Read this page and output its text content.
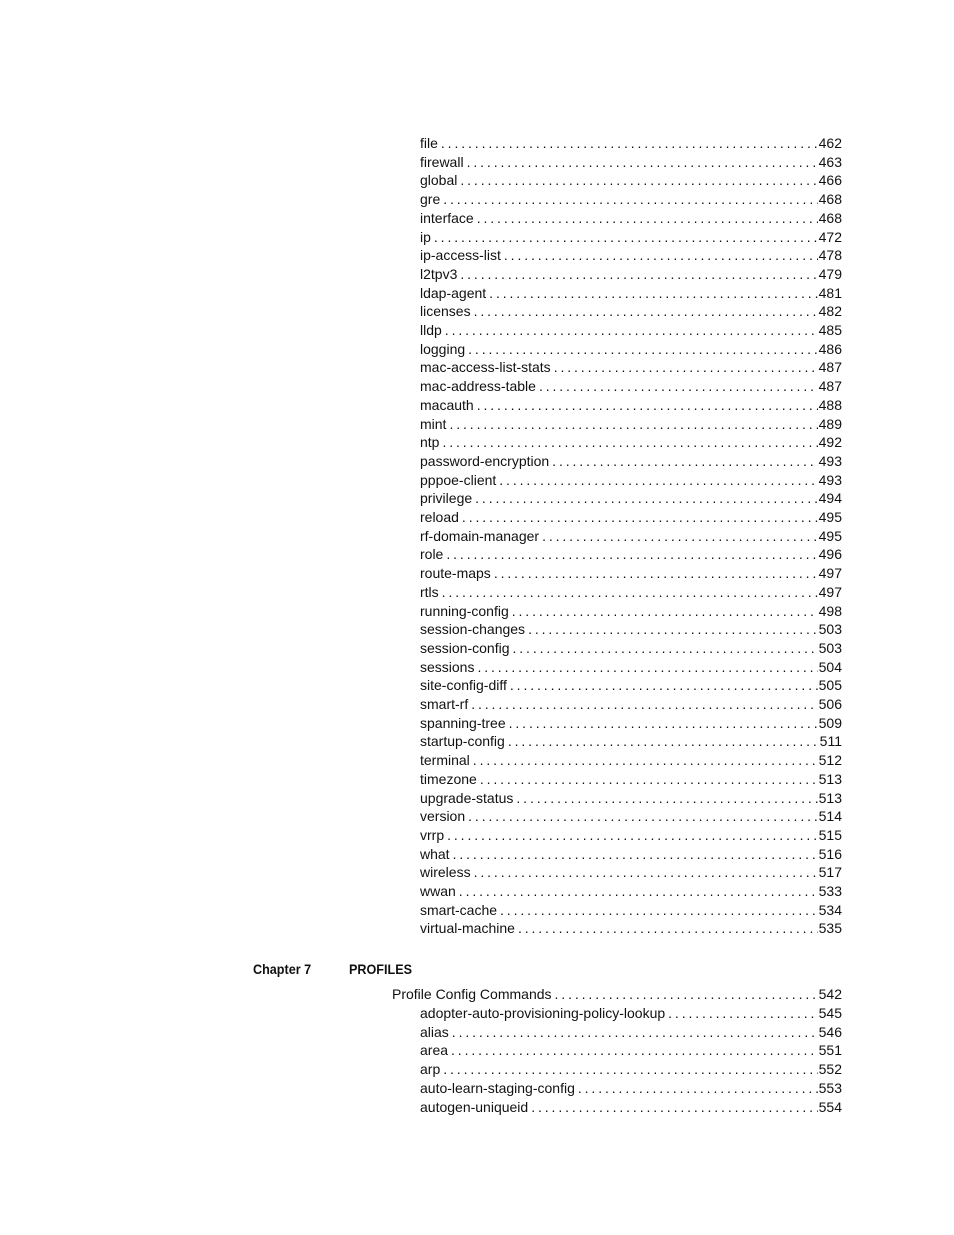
file . . .	462
firewall . . .	463
global . . .	466
gre . . .	468
interface . . .	468
ip . . .	472
ip-access-list . . .	478
l2tpv3 . . .	479
ldap-agent . . .	481
licenses . . .	482
lldp . . .	485
logging . . .	486
mac-access-list-stats . . .	487
mac-address-table . . .	487
macauth . . .	488
mint . . .	489
ntp . . .	492
password-encryption . . .	493
pppoe-client . . .	493
privilege . . .	494
reload . . .	495
rf-domain-manager . . .	495
role . . .	496
route-maps . . .	497
rtls . . .	497
running-config . . .	498
session-changes . . .	503
session-config . . .	503
sessions . . .	504
site-config-diff . . .	505
smart-rf . . .	506
spanning-tree . . .	509
startup-config . . .	511
terminal . . .	512
timezone . . .	513
upgrade-status . . .	513
version . . .	514
vrrp . . .	515
what . . .	516
wireless . . .	517
wwan . . .	533
smart-cache . . .	534
virtual-machine . . .	535
Chapter 7	PROFILES
Profile Config Commands . . .	542
adopter-auto-provisioning-policy-lookup . . .	545
alias . . .	546
area . . .	551
arp . . .	552
auto-learn-staging-config . . .	553
autogen-uniqueid . . .	554
